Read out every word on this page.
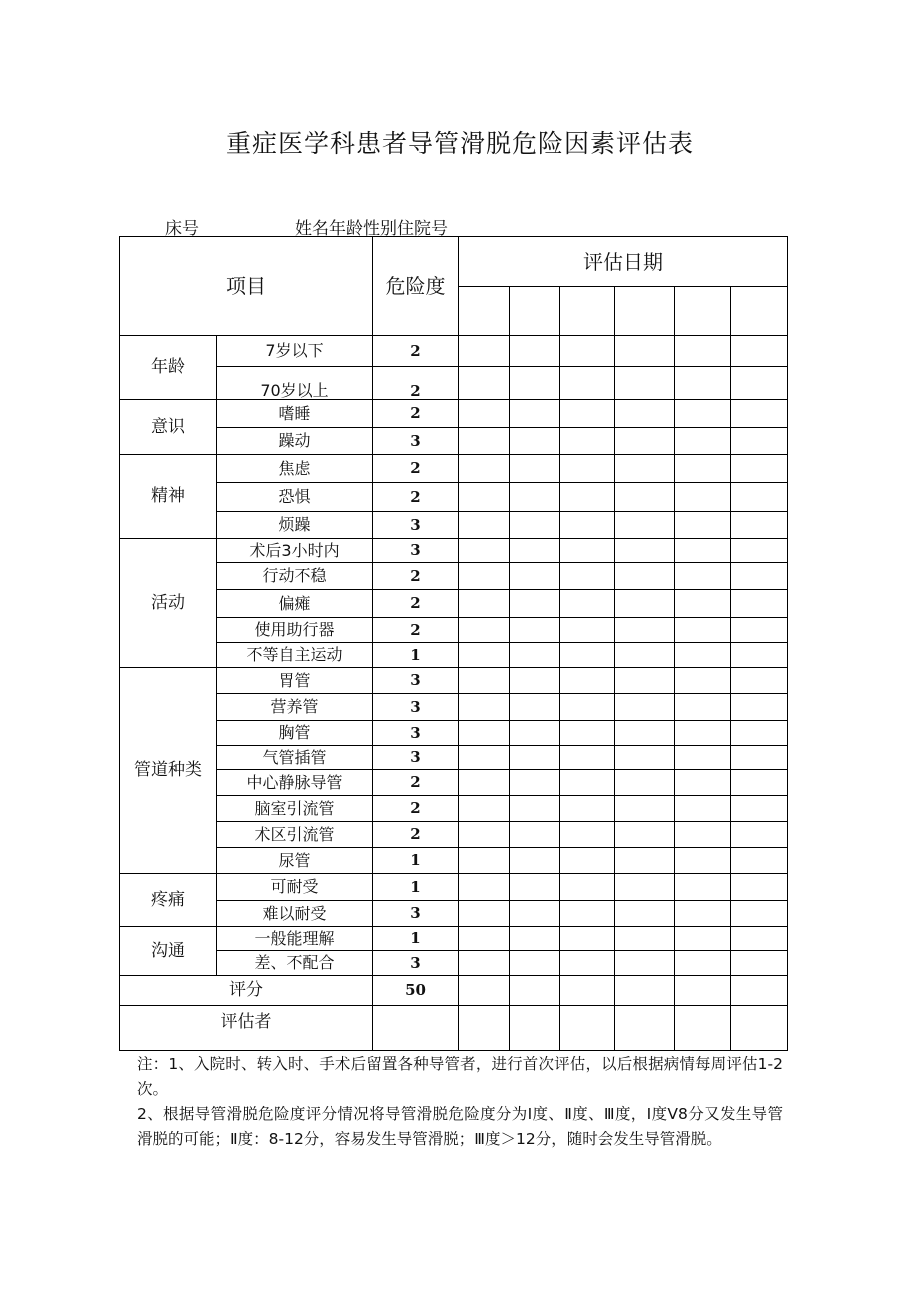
重症医学科患者导管滑脱危险因素评估表
床号	姓名年龄性别住院号
项目		危险度	评估日期					

年龄	7岁以下	2						
	70岁以上	2						
意识	嗜睡	2						
	躁动	3						
精神	焦虑	2						
	恐惧	2						
	烦躁	3						
活动	术后3小时内	3						
	行动不稳	2						
	偏瘫	2						
	使用助行器	2						
	不等自主运动	1						
管道种类	胃管	3						
	营养管	3						
	胸管	3						
	气管插管	3						
	中心静脉导管	2						
	脑室引流管	2						
	术区引流管	2						
	尿管	1						
疼痛	可耐受	1						
	难以耐受	3						
沟通	一般能理解	1						
	差、不配合	3						
评分		50						
评估者								

注：1、入院时、转入时、手术后留置各种导管者，进行首次评估，以后根据病情每周评估1-2次。

2、根据导管滑脱危险度评分情况将导管滑脱危险度分为Ⅰ度、Ⅱ度、Ⅲ度，Ⅰ度V8分又发生导管滑脱的可能；Ⅱ度：8-12分，容易发生导管滑脱；Ⅲ度＞12分，随时会发生导管滑脱。
